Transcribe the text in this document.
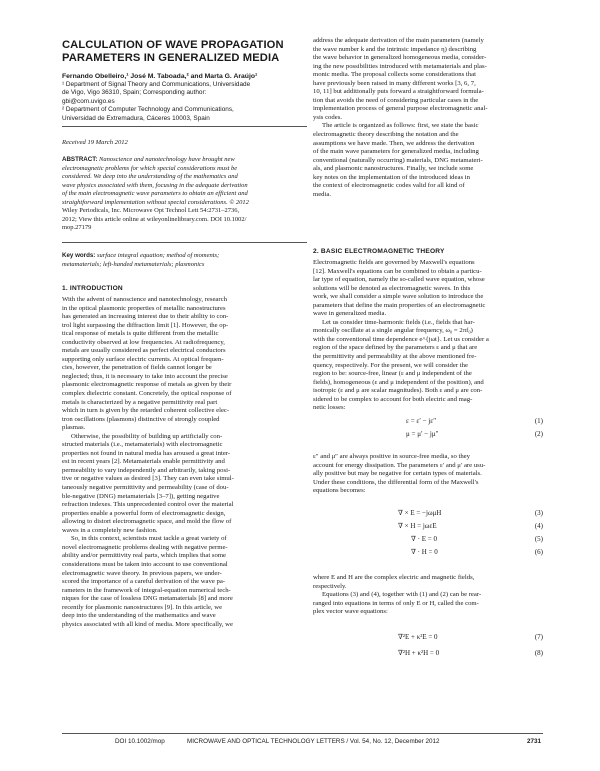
CALCULATION OF WAVE PROPAGATION
PARAMETERS IN GENERALIZED MEDIA
Fernando Obelleiro,¹ José M. Taboada,² and Marta G. Araújo¹
¹ Department of Signal Theory and Communications, Universidade
de Vigo, Vigo 36310, Spain; Corresponding author:
gbi@com.uvigo.es
² Department of Computer Technology and Communications,
Universidad de Extremadura, Cáceres 10003, Spain
Received 19 March 2012
ABSTRACT: Nanoscience and nanotechnology have brought new
electromagnetic problems for which special considerations must be
considered. We deep into the understanding of the mathematics and
wave physics associated with them, focusing in the adequate derivation
of the main electromagnetic wave parameters to obtain an efficient and
straightforward implementation without special considerations. © 2012
Wiley Periodicals, Inc. Microwave Opt Technol Lett 54:2731–2736,
2012; View this article online at wileyonlinelibrary.com. DOI 10.1002/
mop.27179
Key words: surface integral equation; method of moments;
metamaterials; left-handed metamaterials; plasmonics
1. INTRODUCTION
With the advent of nanoscience and nanotechnology, research
in the optical plasmonic properties of metallic nanostructures
has generated an increasing interest due to their ability to con-
trol light surpassing the diffraction limit [1]. However, the op-
tical response of metals is quite different from the metallic
conductivity observed at low frequencies. At radiofrequency,
metals are usually considered as perfect electrical conductors
supporting only surface electric currents. At optical frequen-
cies, however, the penetration of fields cannot longer be
neglected; thus, it is necessary to take into account the precise
plasmonic electromagnetic response of metals as given by their
complex dielectric constant. Concretely, the optical response of
metals is characterized by a negative permittivity real part
which in turn is given by the retarded coherent collective elec-
tron oscillations (plasmons) distinctive of strongly coupled
plasmas.
Otherwise, the possibility of building up artificially con-
structed materials (i.e., metamaterials) with electromagnetic
properties not found in natural media has aroused a great inter-
est in recent years [2]. Metamaterials enable permittivity and
permeability to vary independently and arbitrarily, taking posi-
tive or negative values as desired [3]. They can even take simul-
taneously negative permittivity and permeability (case of dou-
ble-negative (DNG) metamaterials [3–7]), getting negative
refraction indexes. This unprecedented control over the material
properties enable a powerful form of electromagnetic design,
allowing to distort electromagnetic space, and mold the flow of
waves in a completely new fashion.
So, in this context, scientists must tackle a great variety of
novel electromagnetic problems dealing with negative perme-
ability and/or permittivity real parts, which implies that some
considerations must be taken into account to use conventional
electromagnetic wave theory. In previous papers, we under-
scored the importance of a careful derivation of the wave pa-
rameters in the framework of integral-equation numerical tech-
niques for the case of lossless DNG metamaterials [8] and more
recently for plasmonic nanostructures [9]. In this article, we
deep into the understanding of the mathematics and wave
physics associated with all kind of media. More specifically, we
address the adequate derivation of the main parameters (namely
the wave number k and the intrinsic impedance η) describing
the wave behavior in generalized homogeneous media, consider-
ing the new possibilities introduced with metamaterials and plas-
monic media. The proposal collects some considerations that
have previously been raised in many different works [3, 6, 7,
10, 11] but additionally puts forward a straightforward formula-
tion that avoids the need of considering particular cases in the
implementation process of general purpose electromagnetic anal-
ysis codes.
The article is organized as follows: first, we state the basic
electromagnetic theory describing the notation and the
assumptions we have made. Then, we address the derivation
of the main wave parameters for generalized media, including
conventional (naturally occurring) materials, DNG metamateri-
als, and plasmonic nanostructures. Finally, we include some
key notes on the implementation of the introduced ideas in
the context of electromagnetic codes valid for all kind of
media.
2. BASIC ELECTROMAGNETIC THEORY
Electromagnetic fields are governed by Maxwell's equations
[12]. Maxwell's equations can be combined to obtain a particu-
lar type of equation, namely the so-called wave equation, whose
solutions will be denoted as electromagnetic waves. In this
work, we shall consider a simple wave solution to introduce the
parameters that define the main properties of an electromagnetic
wave in generalized media.
Let us consider time-harmonic fields (i.e., fields that har-
monically oscillate at a single angular frequency, ω₀ = 2πf₀)
with the conventional time dependence e^{jωt}. Let us consider a
region of the space defined by the parameters ε and μ that are
the permittivity and permeability at the above mentioned fre-
quency, respectively. For the present, we will consider the
region to be: source-free, linear (ε and μ independent of the
fields), homogeneous (ε and μ independent of the position), and
isotropic (ε and μ are scalar magnitudes). Both ε and μ are con-
sidered to be complex to account for both electric and mag-
netic losses:
ε = ε′ − jε″	(1)
μ = μ′ − jμ″	(2)
ε″ and μ″ are always positive in source-free media, so they
account for energy dissipation. The parameters ε′ and μ′ are usu-
ally positive but may be negative for certain types of materials.
Under these conditions, the differential form of the Maxwell's
equations becomes:
∇ × E = −jωμH	(3)
∇ × H = jωεE	(4)
∇ · E = 0	(5)
∇ · H = 0	(6)
where E and H are the complex electric and magnetic fields,
respectively.
Equations (3) and (4), together with (1) and (2) can be rear-
ranged into equations in terms of only E or H, called the com-
plex vector wave equations:
∇²E + κ²E = 0	(7)
∇²H + κ²H = 0	(8)
DOI 10.1002/mop	MICROWAVE AND OPTICAL TECHNOLOGY LETTERS / Vol. 54, No. 12, December 2012	2731
